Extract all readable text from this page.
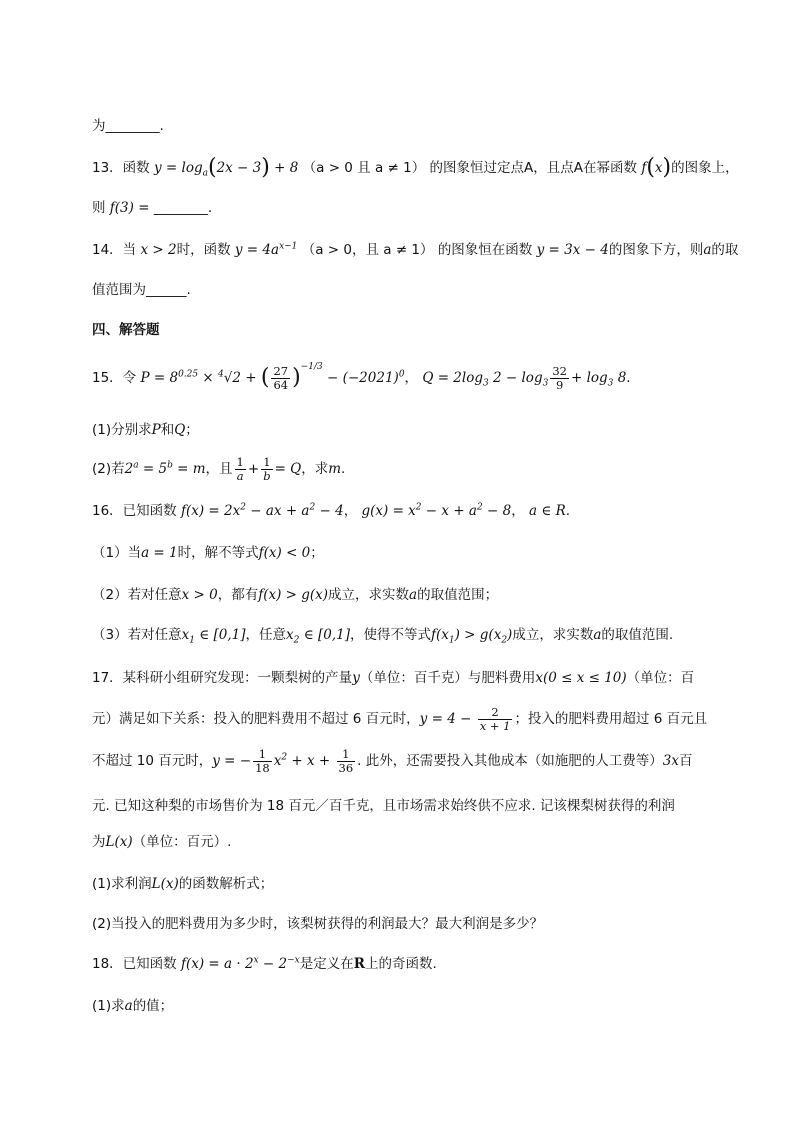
为________.
13．函数 $y = \log_a(2x - 3) + 8$ （a > 0 且 a ≠ 1） 的图象恒过定点A，且点A在幂函数 f(x)的图象上，
则 f(3) = ________.
14．当 x > 2时，函数 $y = 4a^{x-1}$ （a > 0，且 a ≠ 1） 的图象恒在函数 y = 3x − 4的图象下方，则a的取
值范围为______.
四、解答题
15．令 $P = 8^{0.25} \times ^4√2$ + ( $\frac{27}{64} )^{-1/3} - (-2021)^0$， $Q = 2\log_3$ $2 - \log_3 \frac{32}{9} + \log_3 8$.
(1)分别求P和Q；
(2)若$2^a = 5^b = m$，且 $\frac{1}{a} + \frac{1}{b} = Q$，求m.
16．已知函数 $f(x) = 2x^2$ − ax + $a^2 - 4$， $g(x) = x^2 - x + a^2 - 8$， a ∈ R.
（1）当a = 1时，解不等式f(x) < 0；
（2）若对任意x > 0，都有f(x) > g(x)成立，求实数a的取值范围；
（3）若对任意$x_1$ ∈ [0,1]，任意$x_2$ ∈ [0,1]，使得不等式$f(x_1) > g(x_2)$成立，求实数a的取值范围.
17．某科研小组研究发现：一颗梨树的产量y（单位：百千克）与肥料费用x(0 ≤ x ≤ 10)（单位：百
元）满足如下关系：投入的肥料费用不超过 6 百元时，$y = 4 - \frac{2}{x + 1}$ ；投入的肥料费用超过 6 百元且
不超过 10 百元时，y = − $\frac{1}{18} x^2 + x + \frac{1}{36}$ . 此外，还需要投入其他成本（如施肥的人工费等）3x百
元. 已知这种梨的市场售价为 18 百元／百千克，且市场需求始终供不应求. 记该棵梨树获得的利润
为L(x)（单位：百元）.
(1)求利润L(x)的函数解析式；
(2)当投入的肥料费用为多少时，该梨树获得的利润最大？最大利润是多少？
18．已知函数 $f(x) = a \cdot 2^x - 2^{-x}$是定义在R上的奇函数.
(1)求a的值；
